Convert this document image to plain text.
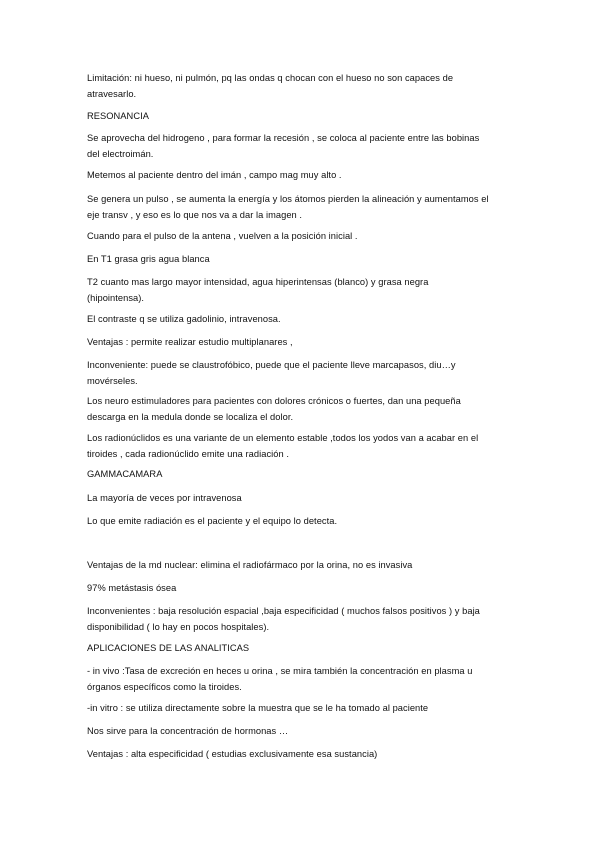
Limitación: ni hueso, ni pulmón, pq las ondas q chocan con el hueso no son capaces de
atravesarlo.
RESONANCIA
Se aprovecha del hidrogeno , para formar la recesión , se coloca al paciente entre las bobinas
del electroimán.
Metemos al paciente dentro del imán , campo mag muy alto .
Se genera un pulso , se aumenta la energía y los átomos pierden la alineación y aumentamos el
eje transv , y eso es lo que nos va a dar la imagen .
Cuando para el pulso de la antena , vuelven a la posición inicial .
En T1 grasa gris agua blanca
T2 cuanto mas largo mayor intensidad, agua hiperintensas (blanco) y grasa negra
(hipointensa).
El contraste q se utiliza gadolinio, intravenosa.
Ventajas : permite realizar estudio multiplanares ,
Inconveniente: puede se claustrofóbico, puede que el paciente lleve marcapasos, diu…y
movérseles.
Los neuro estimuladores para pacientes con dolores crónicos o fuertes, dan una pequeña
descarga en la medula donde se localiza el dolor.
Los radionúclidos es una variante de un elemento estable ,todos los yodos van a acabar en el
tiroides , cada radionúclido emite una radiación .
GAMMACAMARA
La mayoría de veces por intravenosa
Lo que emite radiación es el paciente y el equipo lo detecta.
Ventajas de la md nuclear: elimina el radiofármaco por la orina, no es invasiva
97% metástasis ósea
Inconvenientes : baja resolución espacial ,baja especificidad ( muchos falsos positivos ) y baja
disponibilidad ( lo hay en pocos hospitales).
APLICACIONES DE LAS ANALITICAS
- in vivo :Tasa de excreción en heces u orina , se mira también la concentración en plasma u
órganos específicos como la tiroides.
-in vitro : se utiliza directamente sobre la muestra que se le ha tomado al paciente
Nos sirve para la concentración de hormonas …
Ventajas : alta especificidad ( estudias exclusivamente esa sustancia)
